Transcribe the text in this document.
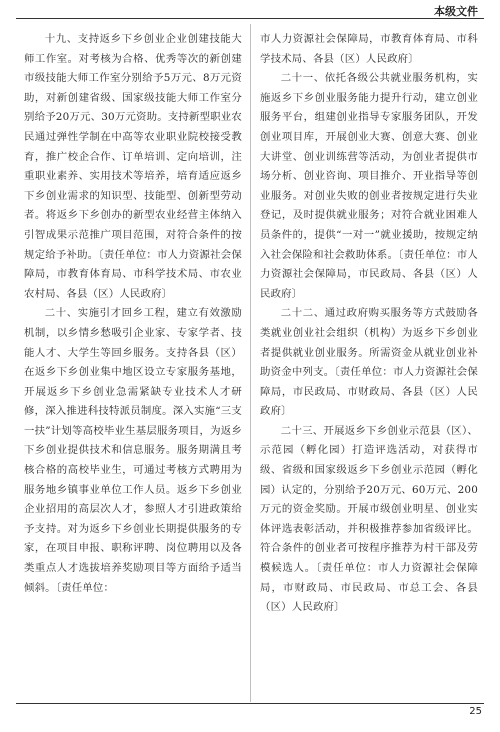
本级文件

十九、支持返乡下乡创业企业创建技能大师工作室。对考核为合格、优秀等次的新创建市级技能大师工作室分别给予5万元、8万元资助，对新创建省级、国家级技能大师工作室分别给予20万元、30万元资助。支持新型职业农民通过弹性学制在中高等农业职业院校接受教育，推广校企合作、订单培训、定向培训，注重职业素养、实用技术等培养，培育适应返乡下乡创业需求的知识型、技能型、创新型劳动者。将返乡下乡创办的新型农业经营主体纳入引智成果示范推广项目范围，对符合条件的按规定给予补助。〔责任单位：市人力资源社会保障局，市教育体育局、市科学技术局、市农业农村局、各县（区）人民政府〕

二十、实施引才回乡工程，建立有效激励机制，以乡情乡愁吸引企业家、专家学者、技能人才、大学生等回乡服务。支持各县（区）在返乡下乡创业集中地区设立专家服务基地，开展返乡下乡创业急需紧缺专业技术人才研修，深入推进科技特派员制度。深入实施“三支一扶”计划等高校毕业生基层服务项目，为返乡下乡创业提供技术和信息服务。服务期满且考核合格的高校毕业生，可通过考核方式聘用为服务地乡镇事业单位工作人员。返乡下乡创业企业招用的高层次人才，参照人才引进政策给予支持。对为返乡下乡创业长期提供服务的专家，在项目申报、职称评聘、岗位聘用以及各类重点人才选拔培养奖励项目等方面给予适当倾斜。〔责任单位：

市人力资源社会保障局，市教育体育局、市科学技术局、各县（区）人民政府〕

二十一、依托各级公共就业服务机构，实施返乡下乡创业服务能力提升行动，建立创业服务平台，组建创业指导专家服务团队，开发创业项目库，开展创业大赛、创意大赛、创业大讲堂、创业训练营等活动，为创业者提供市场分析、创业咨询、项目推介、开业指导等创业服务。对创业失败的创业者按规定进行失业登记，及时提供就业服务；对符合就业困难人员条件的，提供“一对一”就业援助，按规定纳入社会保险和社会救助体系。〔责任单位：市人力资源社会保障局，市民政局、各县（区）人民政府〕

二十二、通过政府购买服务等方式鼓励各类就业创业社会组织（机构）为返乡下乡创业者提供就业创业服务。所需资金从就业创业补助资金中列支。〔责任单位：市人力资源社会保障局，市民政局、市财政局、各县（区）人民政府〕

二十三、开展返乡下乡创业示范县（区）、示范园（孵化园）打造评选活动，对获得市级、省级和国家级返乡下乡创业示范园（孵化园）认定的，分别给予20万元、60万元、200万元的资金奖励。开展市级创业明星、创业实体评选表彰活动，并积极推荐参加省级评比。符合条件的创业者可按程序推荐为村干部及劳模候选人。〔责任单位：市人力资源社会保障局，市财政局、市民政局、市总工会、各县（区）人民政府〕

25
